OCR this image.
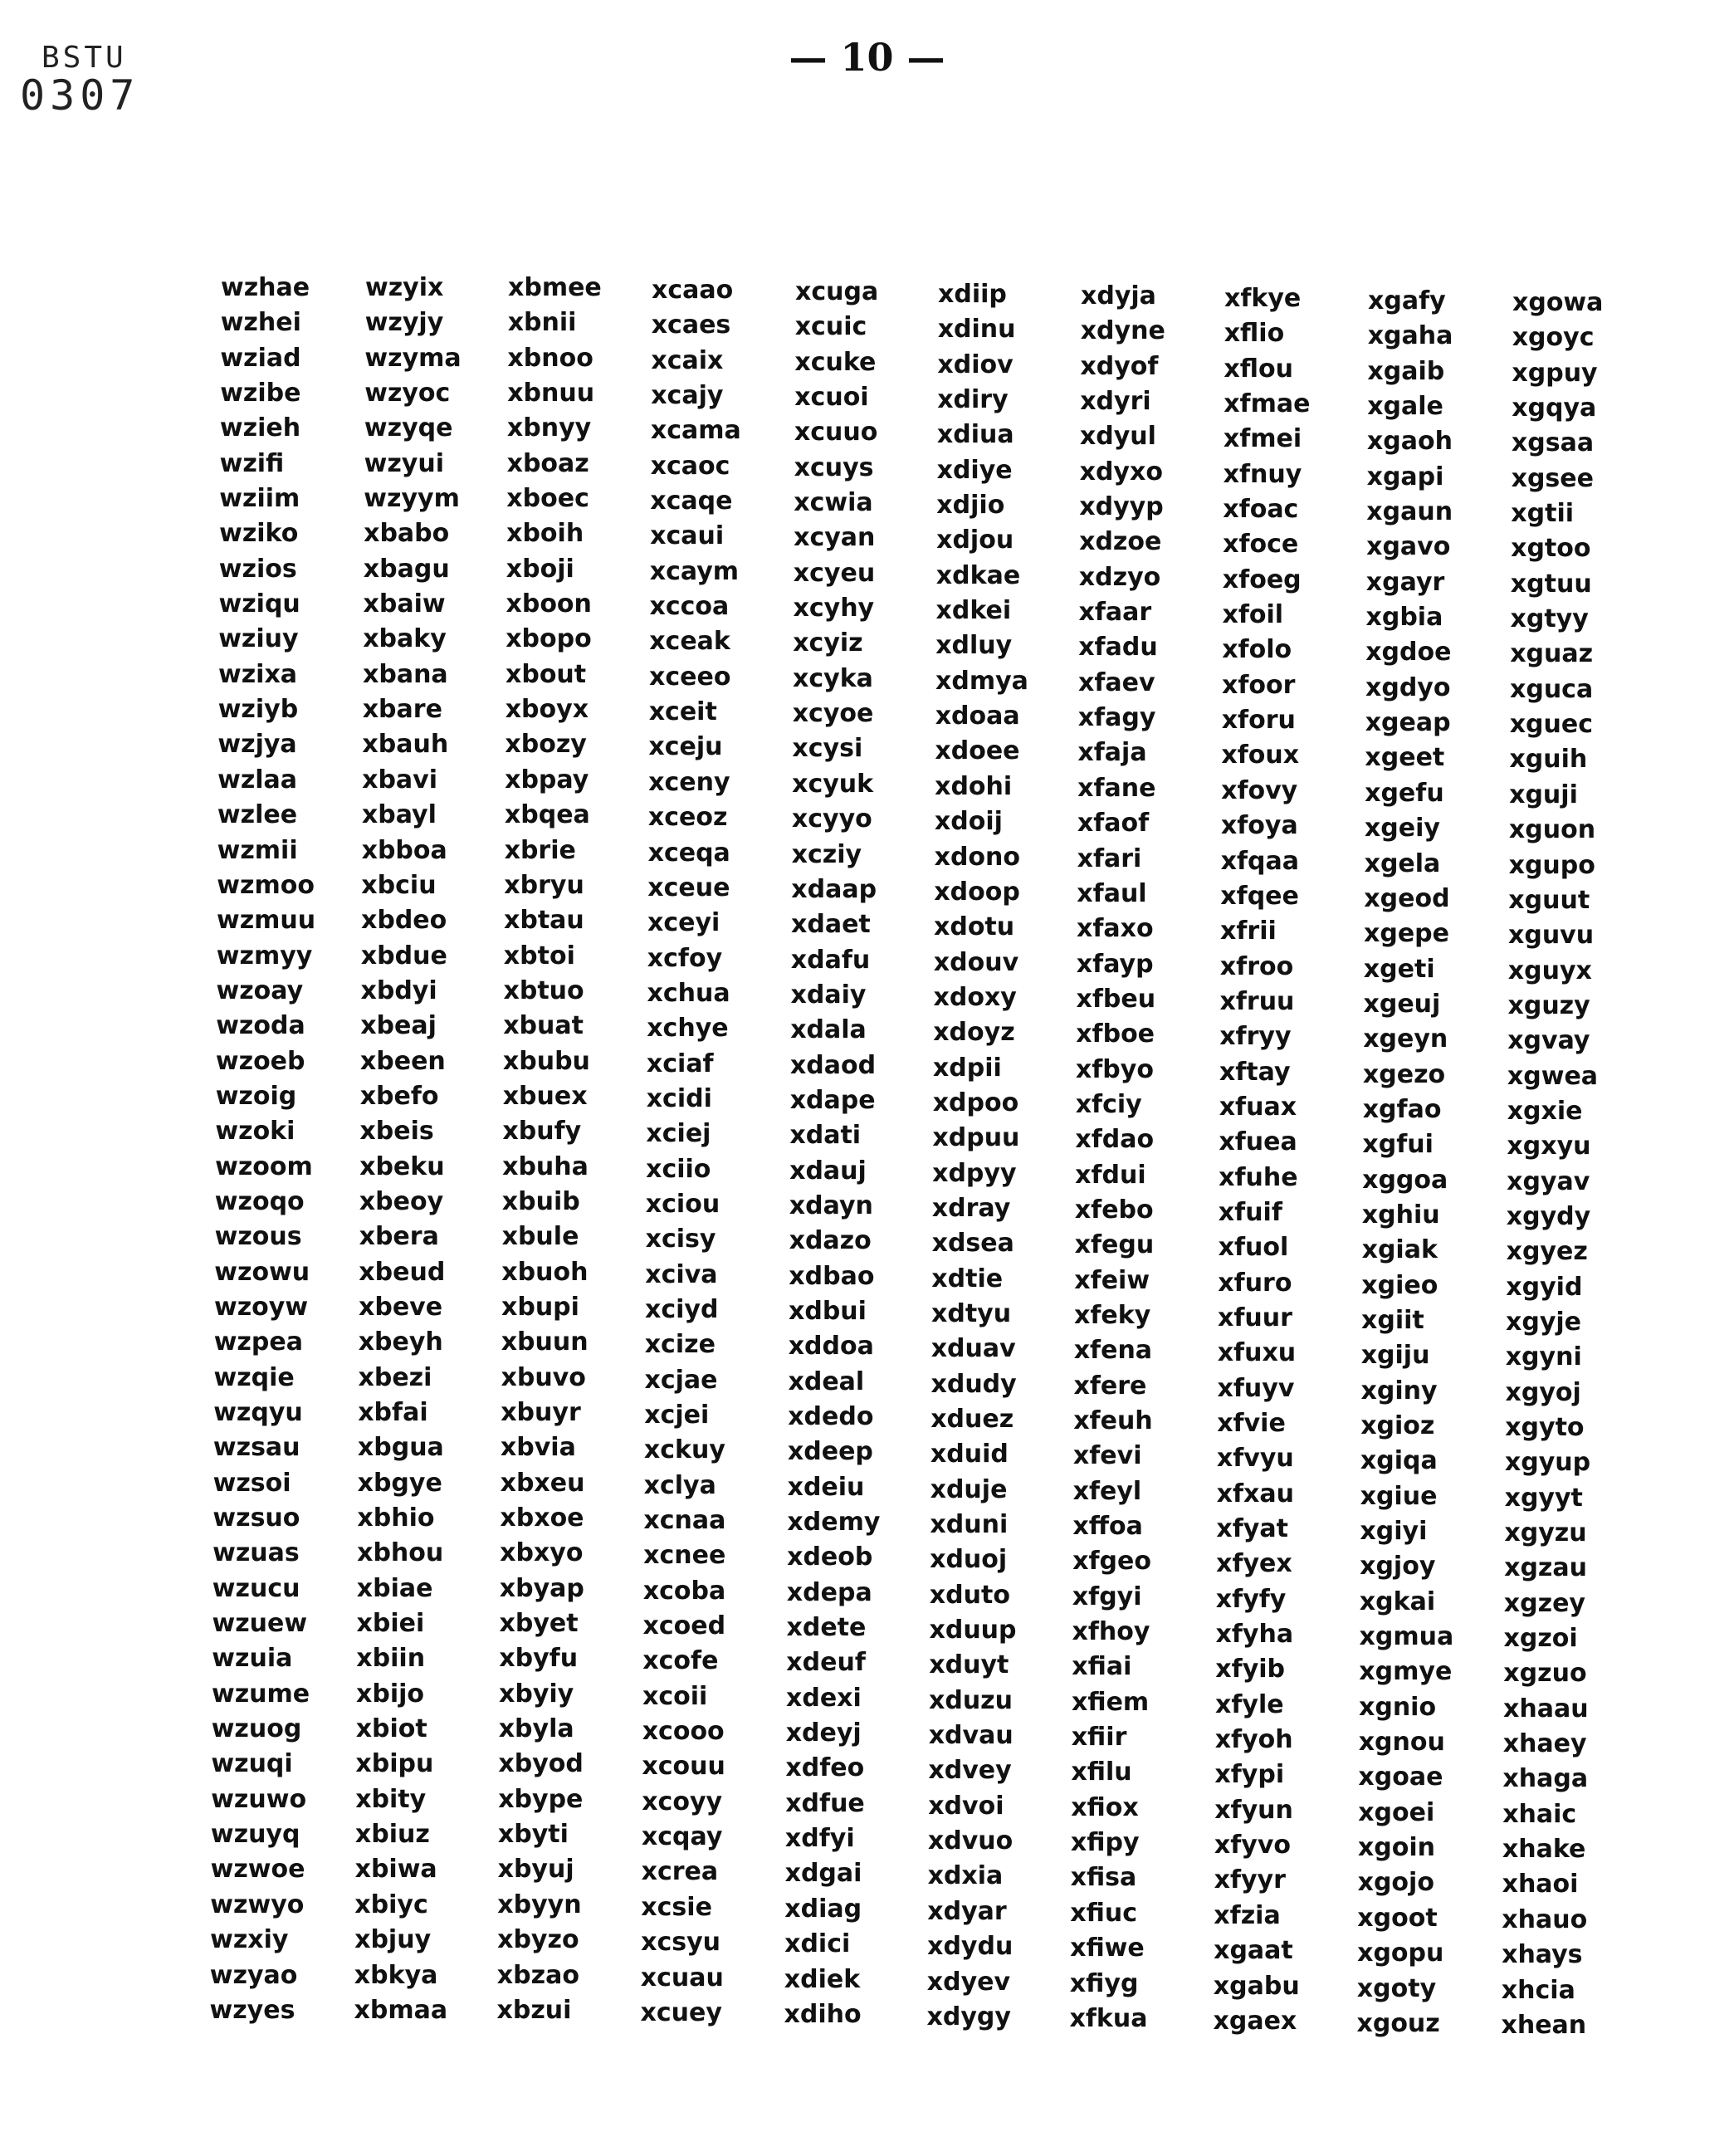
BSTU
0307
— 10 —
wzhae
wzhei
wziad
wzibe
wzieh
wzifi
wziim
wziko
wzios
wziqu
wziuy
wzixa
wziyb
wzjya
wzlaa
wzlee
wzmii
wzmoo
wzmuu
wzmyy
wzoay
wzoda
wzoeb
wzoig
wzoki
wzoom
wzoqo
wzous
wzowu
wzoyw
wzpea
wzqie
wzqyu
wzsau
wzsoi
wzsuo
wzuas
wzucu
wzuew
wzuia
wzume
wzuog
wzuqi
wzuwo
wzuyq
wzwoe
wzwyo
wzxiy
wzyao
wzyes
wzyix
wzyjy
wzyma
wzyoc
wzyqe
wzyui
wzyym
xbabo
xbagu
xbaiw
xbaky
xbana
xbare
xbauh
xbavi
xbayl
xbboa
xbciu
xbdeo
xbdue
xbdyi
xbeaj
xbeen
xbefo
xbeis
xbeku
xbeoy
xbera
xbeud
xbeve
xbeyh
xbezi
xbfai
xbgua
xbgye
xbhio
xbhou
xbiae
xbiei
xbiin
xbijo
xbiot
xbipu
xbity
xbiuz
xbiwa
xbiyc
xbjuy
xbkya
xbmaa
xbmee
xbnii
xbnoo
xbnuu
xbnyy
xboaz
xboec
xboih
xboji
xboon
xbopo
xbout
xboyx
xbozy
xbpay
xbqea
xbrie
xbryu
xbtau
xbtoi
xbtuo
xbuat
xbubu
xbuex
xbufy
xbuha
xbuib
xbule
xbuoh
xbupi
xbuun
xbuvo
xbuyr
xbvia
xbxeu
xbxoe
xbxyo
xbyap
xbyet
xbyfu
xbyiy
xbyla
xbyod
xbype
xbyti
xbyuj
xbyyn
xbyzo
xbzao
xbzui
xcaao
xcaes
xcaix
xcajy
xcama
xcaoc
xcaqe
xcaui
xcaym
xccoa
xceak
xceeo
xceit
xceju
xceny
xceoz
xceqa
xceue
xceyi
xcfoy
xchua
xchye
xciaf
xcidi
xciej
xciio
xciou
xcisy
xciva
xciyd
xcize
xcjae
xcjei
xckuy
xclya
xcnaa
xcnee
xcoba
xcoed
xcofe
xcoii
xcooo
xcouu
xcoyy
xcqay
xcrea
xcsie
xcsyu
xcuau
xcuey
xcuga
xcuic
xcuke
xcuoi
xcuuo
xcuys
xcwia
xcyan
xcyeu
xcyhy
xcyiz
xcyka
xcyoe
xcysi
xcyuk
xcyyo
xcziy
xdaap
xdaet
xdafu
xdaiy
xdala
xdaod
xdape
xdati
xdauj
xdayn
xdazo
xdbao
xdbui
xddoa
xdeal
xdedo
xdeep
xdeiu
xdemy
xdeob
xdepa
xdete
xdeuf
xdexi
xdeyj
xdfeo
xdfue
xdfyi
xdgai
xdiag
xdici
xdiek
xdiho
xdiip
xdinu
xdiov
xdiry
xdiua
xdiye
xdjio
xdjou
xdkae
xdkei
xdluy
xdmya
xdoaa
xdoee
xdohi
xdoij
xdono
xdoop
xdotu
xdouv
xdoxy
xdoyz
xdpii
xdpoo
xdpuu
xdpyy
xdray
xdsea
xdtie
xdtyu
xduav
xdudy
xduez
xduid
xduje
xduni
xduoj
xduto
xduup
xduyt
xduzu
xdvau
xdvey
xdvoi
xdvuo
xdxia
xdyar
xdydu
xdyev
xdygy
xdyja
xdyne
xdyof
xdyri
xdyul
xdyxo
xdyyp
xdzoe
xdzyo
xfaar
xfadu
xfaev
xfagy
xfaja
xfane
xfaof
xfari
xfaul
xfaxo
xfayp
xfbeu
xfboe
xfbyo
xfciy
xfdao
xfdui
xfebo
xfegu
xfeiw
xfeky
xfena
xfere
xfeuh
xfevi
xfeyl
xffoa
xfgeo
xfgyi
xfhoy
xfiai
xfiem
xfiir
xfilu
xfiox
xfipy
xfisa
xfiuc
xfiwe
xfiyg
xfkua
xfkye
xflio
xflou
xfmae
xfmei
xfnuy
xfoac
xfoce
xfoeg
xfoil
xfolo
xfoor
xforu
xfoux
xfovy
xfoya
xfqaa
xfqee
xfrii
xfroo
xfruu
xfryy
xftay
xfuax
xfuea
xfuhe
xfuif
xfuol
xfuro
xfuur
xfuxu
xfuyv
xfvie
xfvyu
xfxau
xfyat
xfyex
xfyfy
xfyha
xfyib
xfyle
xfyoh
xfypi
xfyun
xfyvo
xfyyr
xfzia
xgaat
xgabu
xgaex
xgafy
xgaha
xgaib
xgale
xgaoh
xgapi
xgaun
xgavo
xgayr
xgbia
xgdoe
xgdyo
xgeap
xgeet
xgefu
xgeiy
xgela
xgeod
xgepe
xgeti
xgeuj
xgeyn
xgezo
xgfao
xgfui
xggoa
xghiu
xgiak
xgieo
xgiit
xgiju
xginy
xgioz
xgiqa
xgiue
xgiyi
xgjoy
xgkai
xgmua
xgmye
xgnio
xgnou
xgoae
xgoei
xgoin
xgojo
xgoot
xgopu
xgoty
xgouz
xgowa
xgoyc
xgpuy
xgqya
xgsaa
xgsee
xgtii
xgtoo
xgtuu
xgtyy
xguaz
xguca
xguec
xguih
xguji
xguon
xgupo
xguut
xguvu
xguyx
xguzy
xgvay
xgwea
xgxie
xgxyu
xgyav
xgydy
xgyez
xgyid
xgyje
xgyni
xgyoj
xgyto
xgyup
xgyyt
xgyzu
xgzau
xgzey
xgzoi
xgzuo
xhaau
xhaey
xhaga
xhaic
xhake
xhaoi
xhauo
xhays
xhcia
xhean
